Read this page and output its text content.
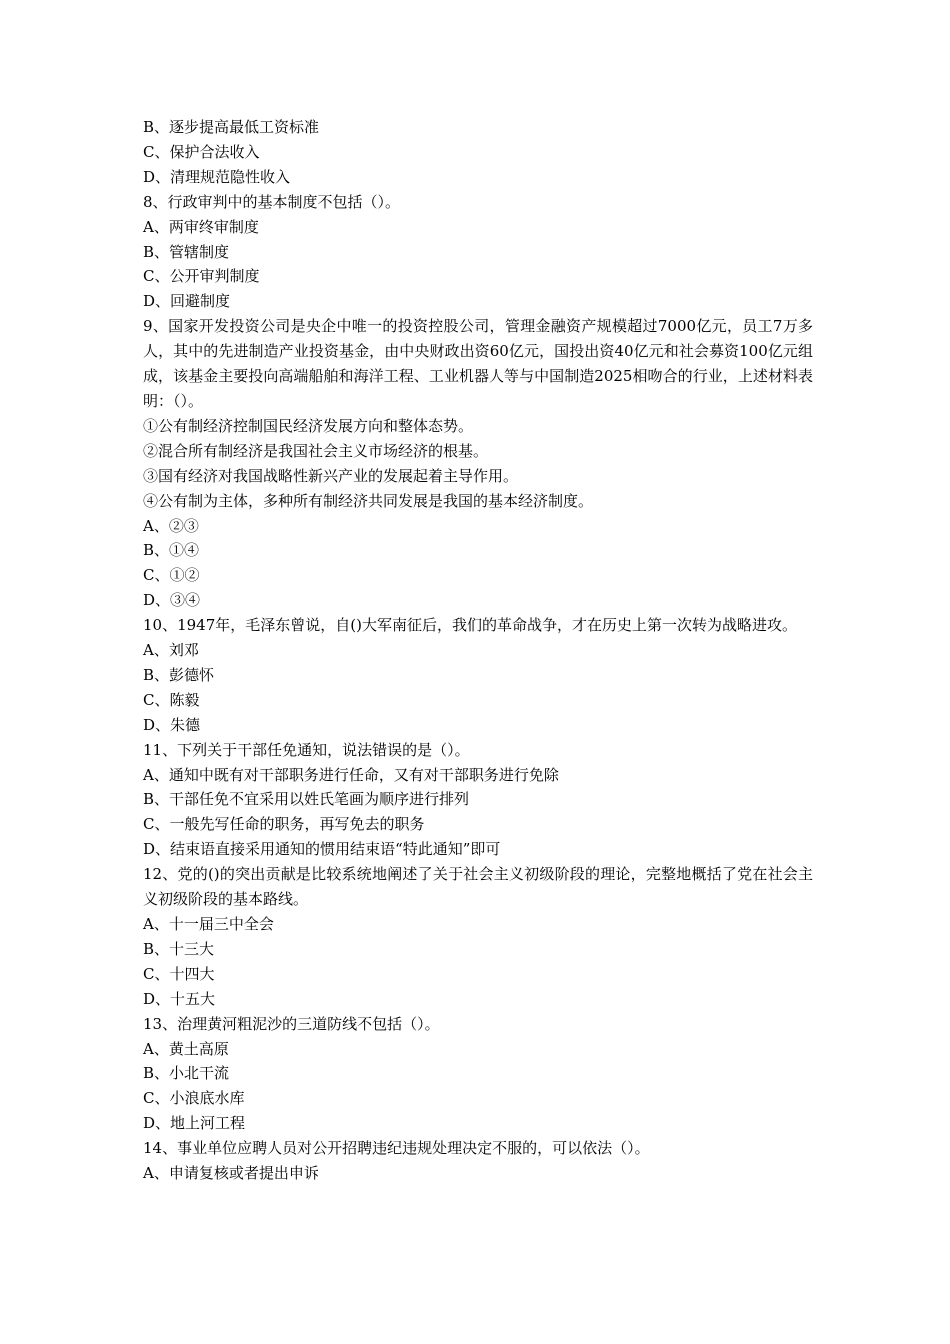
B、逐步提高最低工资标准
C、保护合法收入
D、清理规范隐性收入
8、行政审判中的基本制度不包括（）。
A、两审终审制度
B、管辖制度
C、公开审判制度
D、回避制度
9、国家开发投资公司是央企中唯一的投资控股公司，管理金融资产规模超过7000亿元，员工7万多人，其中的先进制造产业投资基金，由中央财政出资60亿元，国投出资40亿元和社会募资100亿元组成，该基金主要投向高端船舶和海洋工程、工业机器人等与中国制造2025相吻合的行业，上述材料表明：（）。
①公有制经济控制国民经济发展方向和整体态势。
②混合所有制经济是我国社会主义市场经济的根基。
③国有经济对我国战略性新兴产业的发展起着主导作用。
④公有制为主体，多种所有制经济共同发展是我国的基本经济制度。
A、②③
B、①④
C、①②
D、③④
10、1947年，毛泽东曾说，自()大军南征后，我们的革命战争，才在历史上第一次转为战略进攻。
A、刘邓
B、彭德怀
C、陈毅
D、朱德
11、下列关于干部任免通知，说法错误的是（）。
A、通知中既有对干部职务进行任命，又有对干部职务进行免除
B、干部任免不宜采用以姓氏笔画为顺序进行排列
C、一般先写任命的职务，再写免去的职务
D、结束语直接采用通知的惯用结束语“特此通知”即可
12、党的()的突出贡献是比较系统地阐述了关于社会主义初级阶段的理论，完整地概括了党在社会主义初级阶段的基本路线。
A、十一届三中全会
B、十三大
C、十四大
D、十五大
13、治理黄河粗泥沙的三道防线不包括（）。
A、黄土高原
B、小北干流
C、小浪底水库
D、地上河工程
14、事业单位应聘人员对公开招聘违纪违规处理决定不服的，可以依法（）。
A、申请复核或者提出申诉
